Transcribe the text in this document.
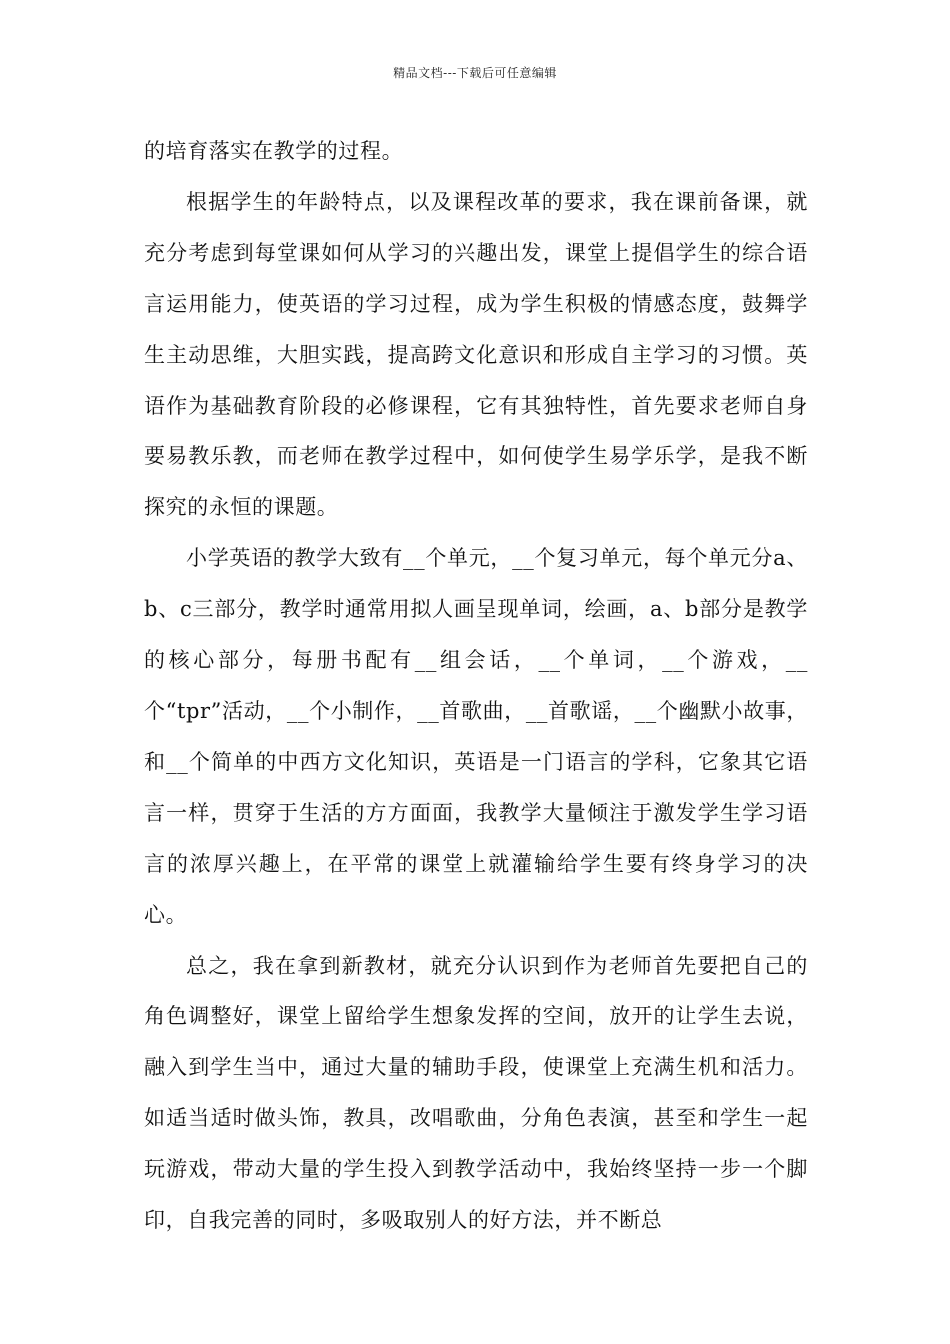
精品文档---下载后可任意编辑

的培育落实在教学的过程。

根据学生的年龄特点，以及课程改革的要求，我在课前备课，就充分考虑到每堂课如何从学习的兴趣出发，课堂上提倡学生的综合语言运用能力，使英语的学习过程，成为学生积极的情感态度，鼓舞学生主动思维，大胆实践，提高跨文化意识和形成自主学习的习惯。英语作为基础教育阶段的必修课程，它有其独特性，首先要求老师自身要易教乐教，而老师在教学过程中，如何使学生易学乐学，是我不断探究的永恒的课题。

小学英语的教学大致有__个单元，__个复习单元，每个单元分a、b、c三部分，教学时通常用拟人画呈现单词，绘画，a、b部分是教学的核心部分，每册书配有__组会话，__个单词，__个游戏，__个“tpr”活动，__个小制作，__首歌曲，__首歌谣，__个幽默小故事，和__个简单的中西方文化知识，英语是一门语言的学科，它象其它语言一样，贯穿于生活的方方面面，我教学大量倾注于激发学生学习语言的浓厚兴趣上，在平常的课堂上就灌输给学生要有终身学习的决心。

总之，我在拿到新教材，就充分认识到作为老师首先要把自己的角色调整好，课堂上留给学生想象发挥的空间，放开的让学生去说，融入到学生当中，通过大量的辅助手段，使课堂上充满生机和活力。如适当适时做头饰，教具，改唱歌曲，分角色表演，甚至和学生一起玩游戏，带动大量的学生投入到教学活动中，我始终坚持一步一个脚印，自我完善的同时，多吸取别人的好方法，并不断总
